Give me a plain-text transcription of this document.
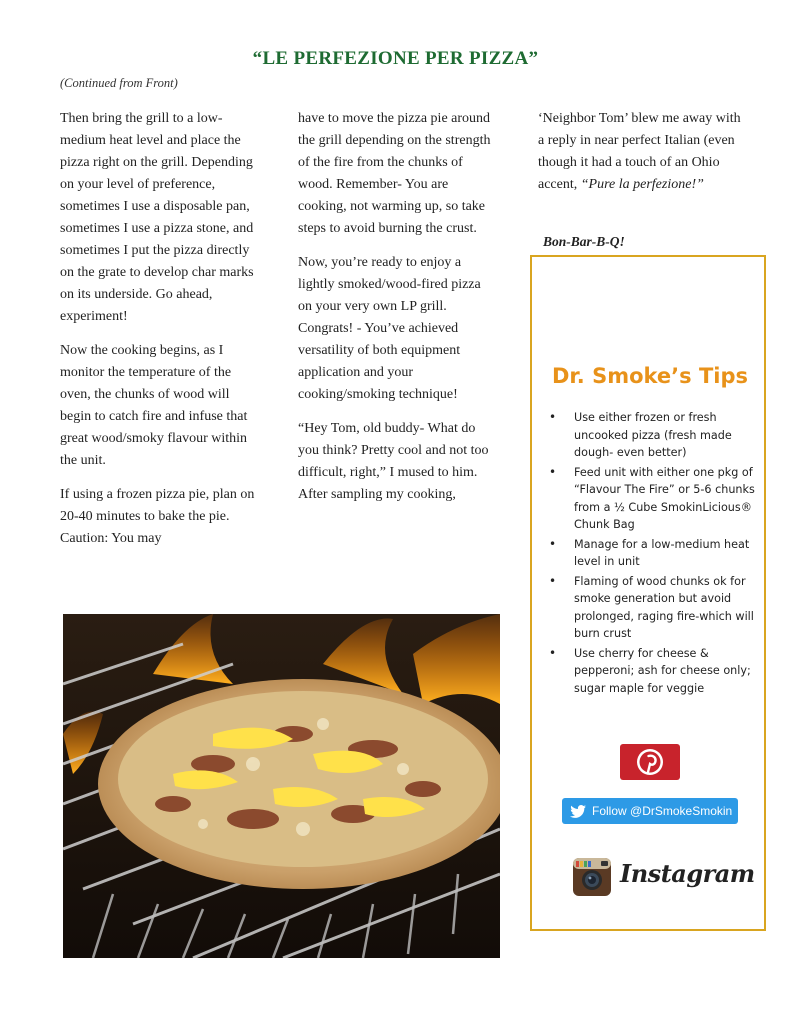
“LE PERFEZIONE PER PIZZA”
(Continued from Front)

Then bring the grill to a low-medium heat level and place the pizza right on the grill. Depending on your level of preference, sometimes I use a disposable pan, sometimes I use a pizza stone, and sometimes I put the pizza directly on the grate to develop char marks on its underside. Go ahead, experiment!

Now the cooking begins, as I monitor the temperature of the oven, the chunks of wood will begin to catch fire and infuse that great wood/smoky flavour within the unit.

If using a frozen pizza pie, plan on 20-40 minutes to bake the pie. Caution: You may

have to move the pizza pie around the grill depending on the strength of the fire from the chunks of wood. Remember- You are cooking, not warming up, so take steps to avoid burning the crust.

Now, you’re ready to enjoy a lightly smoked/wood-fired pizza on your very own LP grill. Congrats! - You’ve achieved versatility of both equipment application and your cooking/smoking technique!

“Hey Tom, old buddy- What do you think? Pretty cool and not too difficult, right,” I mused to him. After sampling my cooking,

‘Neighbor Tom’ blew me away with a reply in near perfect Italian (even though it had a touch of an Ohio accent, “Pure la perfezione!”

Bon-Bar-B-Q!
Dr. Smoke’s Tips
• Use either frozen or fresh uncooked pizza (fresh made dough- even better)
• Feed unit with either one pkg of “Flavour The Fire” or 5-6 chunks from a ½ Cube SmokinLicious® Chunk Bag
• Manage for a low-medium heat level in unit
• Flaming of wood chunks ok for smoke generation but avoid prolonged, raging fire-which will burn crust
• Use cherry for cheese & pepperoni; ash for cheese only; sugar maple for veggie
Follow @DrSmokeSmokin
Instagram
